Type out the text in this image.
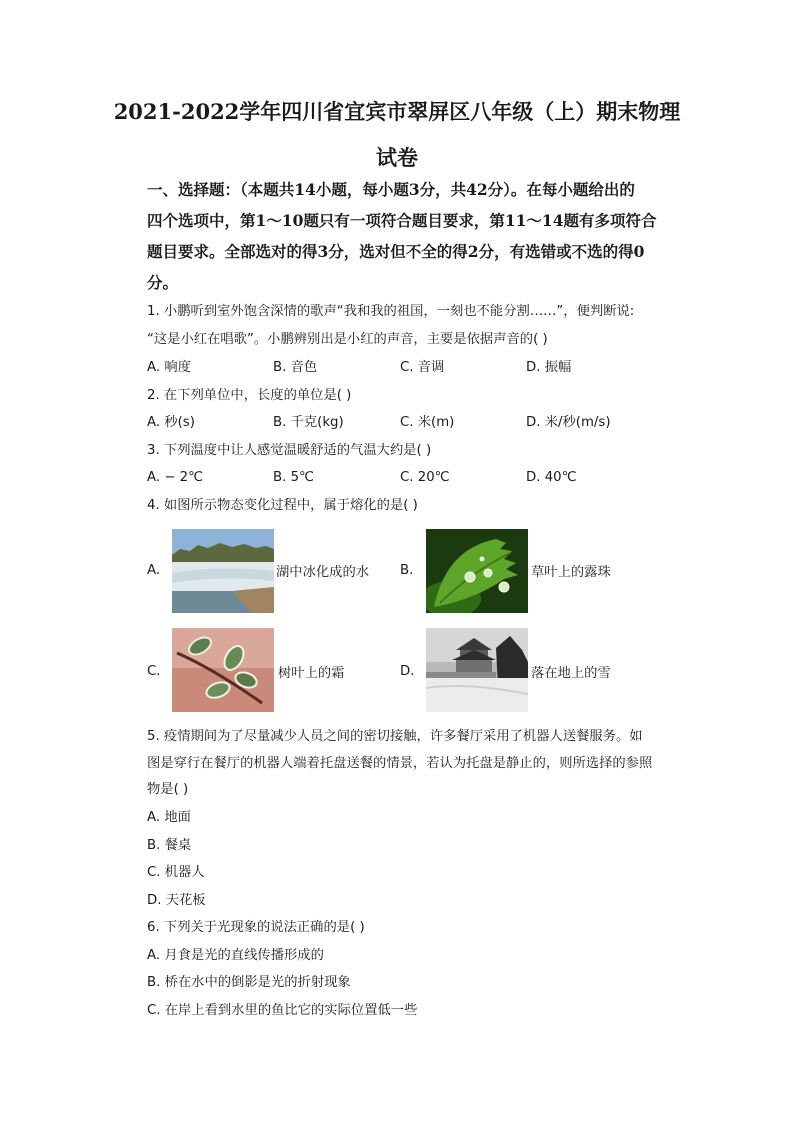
2021-2022学年四川省宜宾市翠屏区八年级（上）期末物理
试卷
一、选择题：（本题共14小题，每小题3分，共42分）。在每小题给出的
四个选项中，第1～10题只有一项符合题目要求，第11～14题有多项符合
题目要求。全部选对的得3分，选对但不全的得2分，有选错或不选的得0
分。
1. 小鹏听到室外饱含深情的歌声“我和我的祖国，一刻也不能分割……”，便判断说:
“这是小红在唱歌”。小鹏辨别出是小红的声音，主要是依据声音的( )
A. 响度	B. 音色	C. 音调	D. 振幅
2. 在下列单位中，长度的单位是( )
A. 秒(s)	B. 千克(kg)	C. 米(m)	D. 米/秒(m/s)
3. 下列温度中让人感觉温暖舒适的气温大约是( )
A. − 2℃	B. 5℃	C. 20℃	D. 40℃
4. 如图所示物态变化过程中，属于熔化的是( )
A.	湖中冰化成的水 B.	草叶上的露珠
C.	树叶上的霜	D.	落在地上的雪
5. 疫情期间为了尽量减少人员之间的密切接触，许多餐厅采用了机器人送餐服务。如
图是穿行在餐厅的机器人端着托盘送餐的情景，若认为托盘是静止的，则所选择的参照
物是( )
A. 地面
B. 餐桌
C. 机器人
D. 天花板
6. 下列关于光现象的说法正确的是( )
A. 月食是光的直线传播形成的
B. 桥在水中的倒影是光的折射现象
C. 在岸上看到水里的鱼比它的实际位置低一些
